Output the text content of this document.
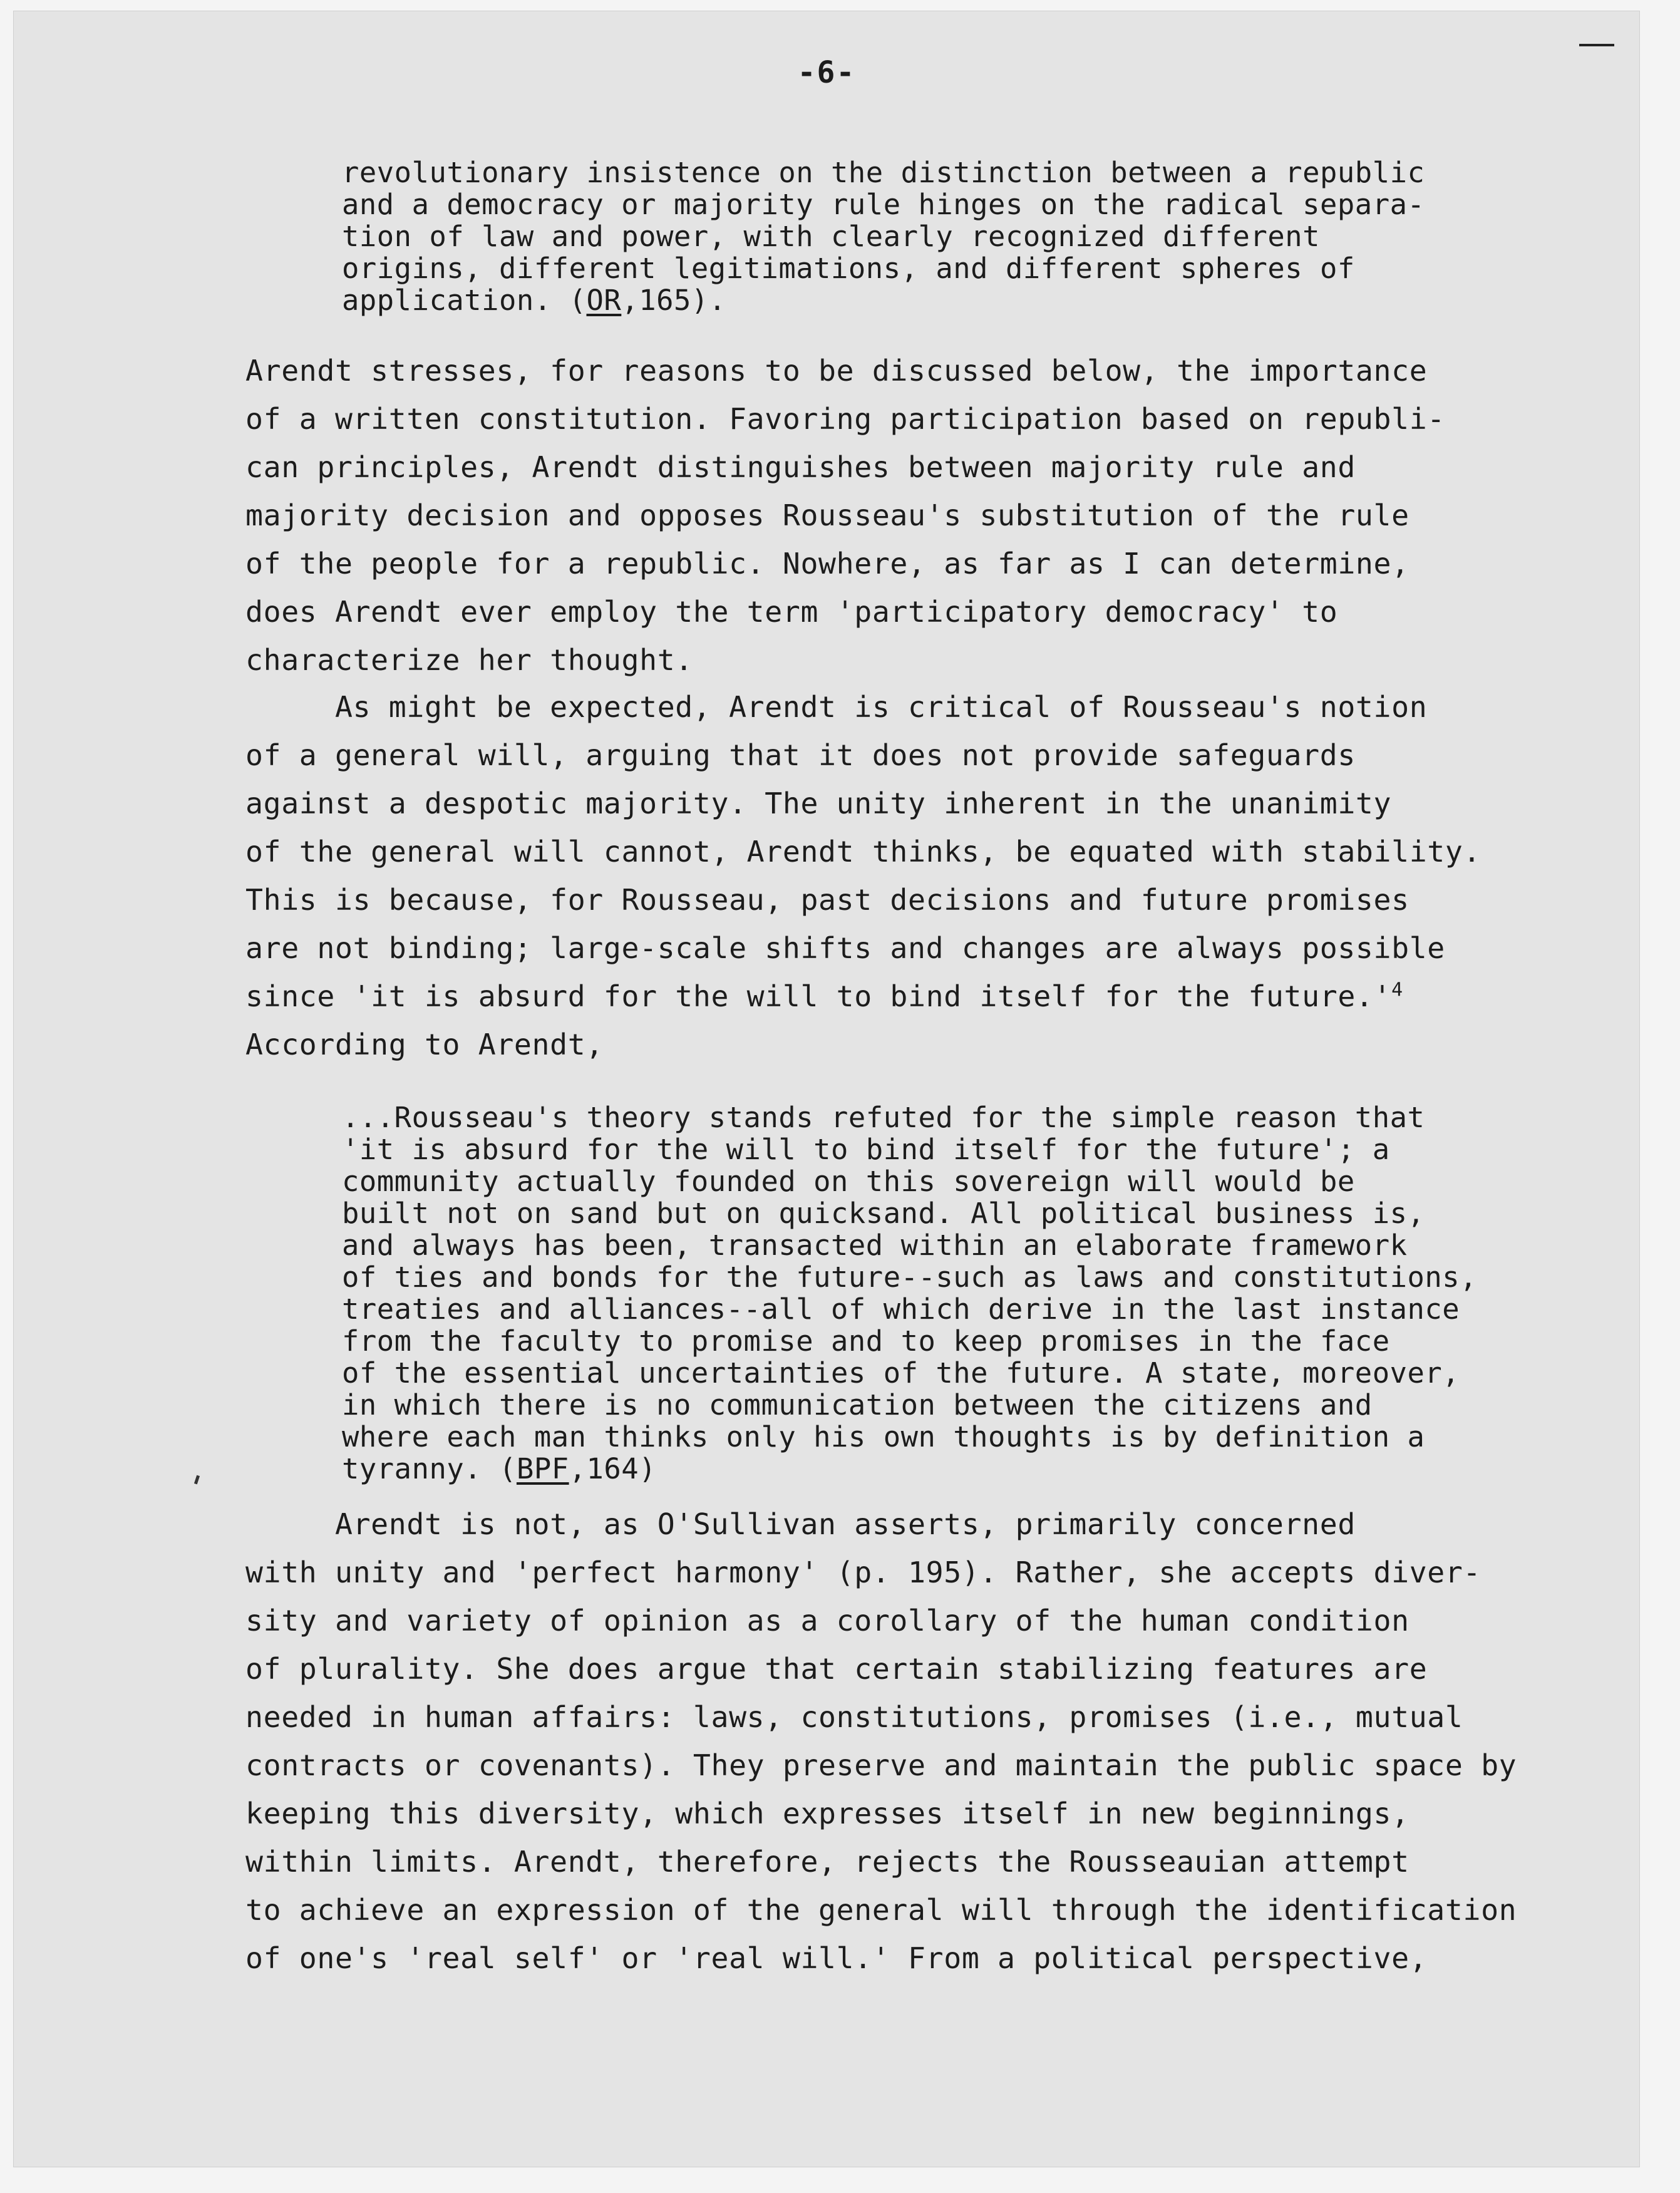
-6-
revolutionary insistence on the distinction between a republic
and a democracy or majority rule hinges on the radical separa-
tion of law and power, with clearly recognized different
origins, different legitimations, and different spheres of
application. (OR,165).
Arendt stresses, for reasons to be discussed below, the importance
of a written constitution. Favoring participation based on republi-
can principles, Arendt distinguishes between majority rule and
majority decision and opposes Rousseau's substitution of the rule
of the people for a republic. Nowhere, as far as I can determine,
does Arendt ever employ the term 'participatory democracy' to
characterize her thought.
As might be expected, Arendt is critical of Rousseau's notion
of a general will, arguing that it does not provide safeguards
against a despotic majority. The unity inherent in the unanimity
of the general will cannot, Arendt thinks, be equated with stability.
This is because, for Rousseau, past decisions and future promises
are not binding; large-scale shifts and changes are always possible
since 'it is absurd for the will to bind itself for the $future.'^4$
According to Arendt,
...Rousseau's theory stands refuted for the simple reason that
'it is absurd for the will to bind itself for the future'; a
community actually founded on this sovereign will would be
built not on sand but on quicksand. All political business is,
and always has been, transacted within an elaborate framework
of ties and bonds for the future--such as laws and constitutions,
treaties and alliances--all of which derive in the last instance
from the faculty to promise and to keep promises in the face
of the essential uncertainties of the future. A state, moreover,
in which there is no communication between the citizens and
where each man thinks only his own thoughts is by definition a
tyranny. (BPF,164)
Arendt is not, as O'Sullivan asserts, primarily concerned
with unity and 'perfect harmony' (p. 195). Rather, she accepts diver-
sity and variety of opinion as a corollary of the human condition
of plurality. She does argue that certain stabilizing features are
needed in human affairs: laws, constitutions, promises (i.e., mutual
contracts or covenants). They preserve and maintain the public space by
keeping this diversity, which expresses itself in new beginnings,
within limits. Arendt, therefore, rejects the Rousseauian attempt
to achieve an expression of the general will through the identification
of one's 'real self' or 'real will.' From a political perspective,
